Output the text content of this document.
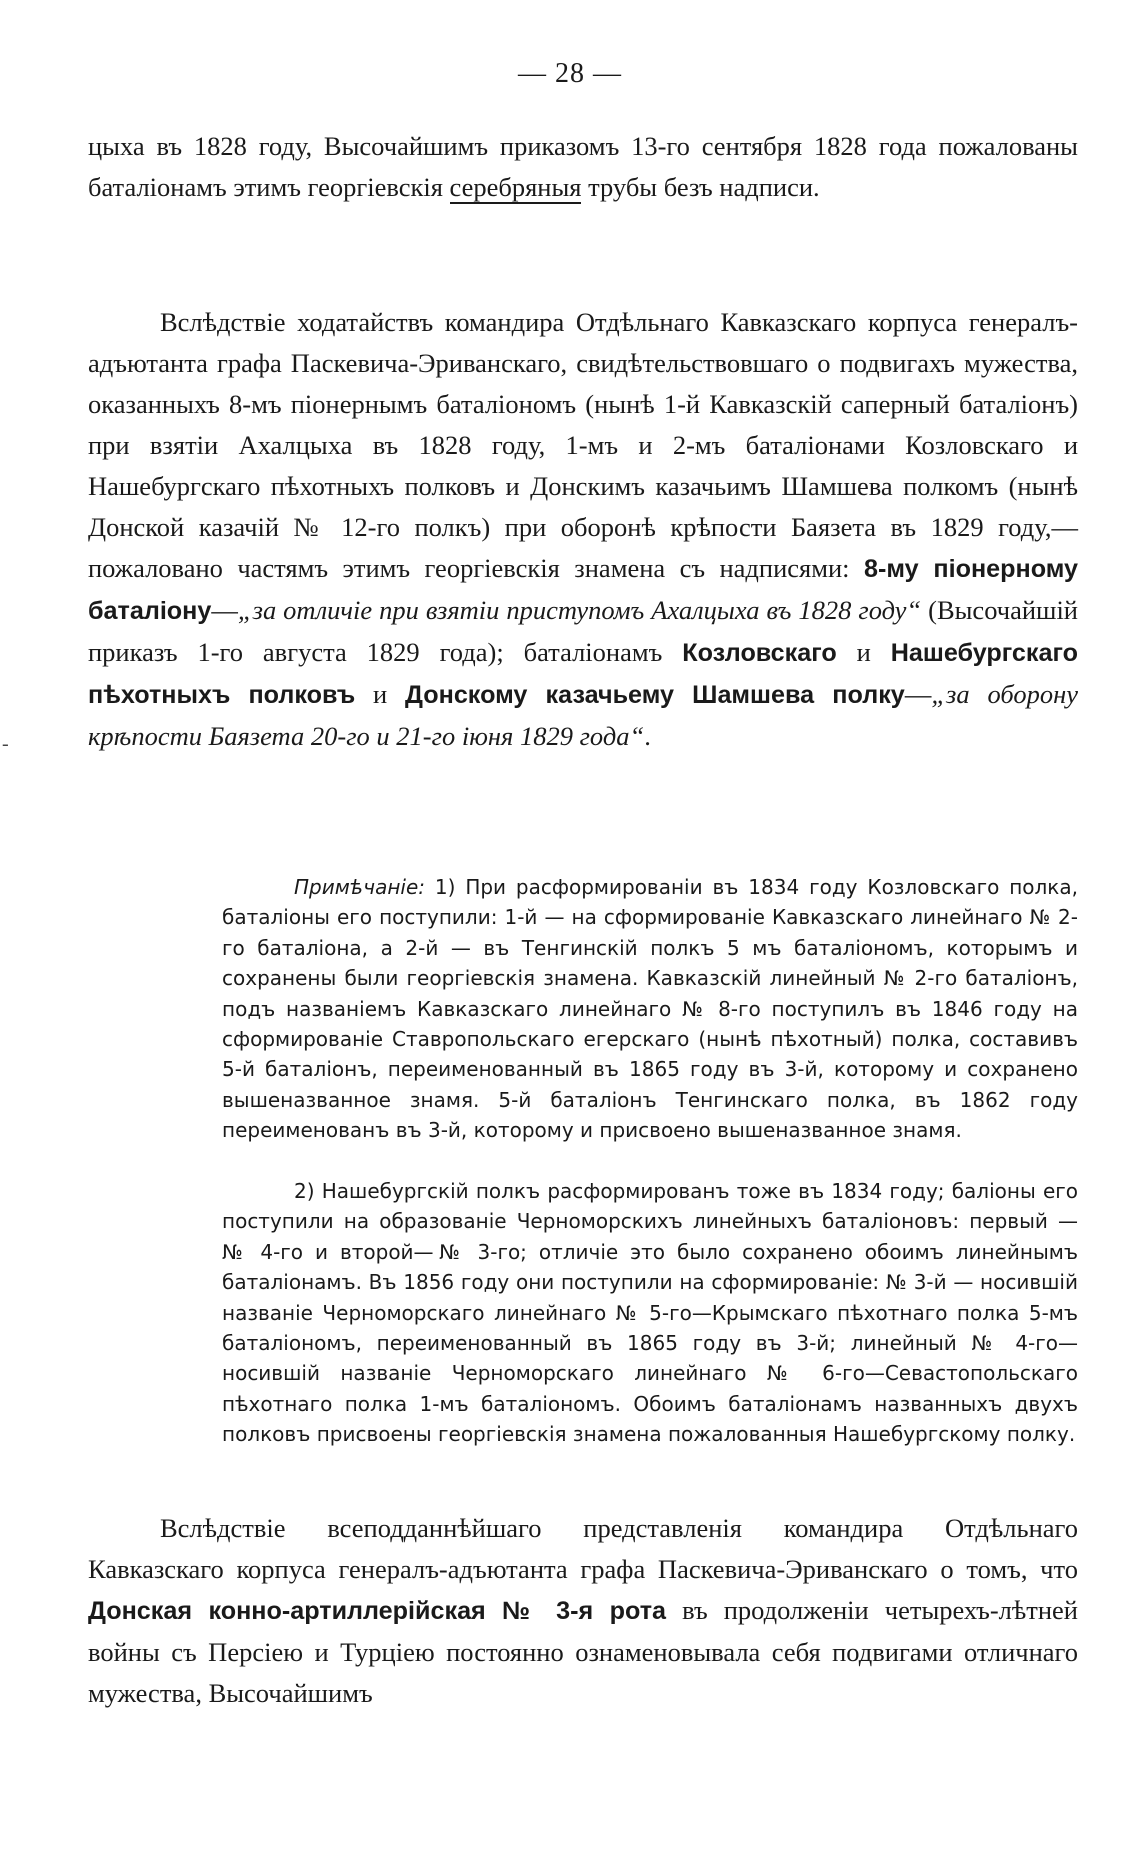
— 28 —

цыха въ 1828 году, Высочайшимъ приказомъ 13-го сентября 1828 года пожалованы баталіонамъ этимъ георгіевскія серебряныя трубы безъ надписи.

Вслѣдствіе ходатайствъ командира Отдѣльнаго Кавказскаго корпуса генералъ-адъютанта графа Паскевича-Эриванскаго, свидѣтельствовшаго о подвигахъ мужества, оказанныхъ 8-мъ піонернымъ баталіономъ (нынѣ 1-й Кавказскій саперный баталіонъ) при взятіи Ахалцыха въ 1828 году, 1-мъ и 2-мъ баталіонами Козловскаго и Нашебургскаго пѣхотныхъ полковъ и Донскимъ казачьимъ Шамшева полкомъ (нынѣ Донской казачій № 12-го полкъ) при оборонѣ крѣпости Баязета въ 1829 году,—пожаловано частямъ этимъ георгіевскія знамена съ надписями: 8-му піонерному баталіону—„за отличіе при взятіи приступомъ Ахалцыха въ 1828 году“ (Высочайшій приказъ 1-го августа 1829 года); баталіонамъ Козловскаго и Нашебургскаго пѣхотныхъ полковъ и Донскому казачьему Шамшева полку—„за оборону крѣпости Баязета 20-го и 21-го іюня 1829 года“.

-

Примѣчаніе: 1) При расформированіи въ 1834 году Козловскаго полка, баталіоны его поступили: 1-й — на сформированіе Кавказскаго линейнаго № 2-го баталіона, а 2-й — въ Тенгинскій полкъ 5 мъ баталіономъ, которымъ и сохранены были георгіевскія знамена. Кавказскій линейный № 2-го баталіонъ, подъ названіемъ Кавказскаго линейнаго № 8-го поступилъ въ 1846 году на сформированіе Ставропольскаго егерскаго (нынѣ пѣхотный) полка, составивъ 5-й баталіонъ, переименованный въ 1865 году въ 3-й, которому и сохранено вышеназванное знамя. 5-й баталіонъ Тенгинскаго полка, въ 1862 году переименованъ въ 3-й, которому и присвоено вышеназванное знамя.

2) Нашебургскій полкъ расформированъ тоже въ 1834 году; баліоны его поступили на образованіе Черноморскихъ линейныхъ баталіоновъ: первый — № 4-го и второй—№ 3-го; отличіе это было сохранено обоимъ линейнымъ баталіонамъ. Въ 1856 году они поступили на сформированіе: № 3-й — носившій названіе Черноморскаго линейнаго № 5-го—Крымскаго пѣхотнаго полка 5-мъ баталіономъ, переименованный въ 1865 году въ 3-й; линейный № 4-го—носившій названіе Черноморскаго линейнаго № 6-го—Севастопольскаго пѣхотнаго полка 1-мъ баталіономъ. Обоимъ баталіонамъ названныхъ двухъ полковъ присвоены георгіевскія знамена пожалованныя Нашебургскому полку.

Вслѣдствіе всеподданнѣйшаго представленія командира Отдѣльнаго Кавказскаго корпуса генералъ-адъютанта графа Паскевича-Эриванскаго о томъ, что Донская конно-артиллерійская № 3-я рота въ продолженіи четырехъ-лѣтней войны съ Персіею и Турціею постоянно ознаменовывала себя подвигами отличнаго мужества, Высочайшимъ
